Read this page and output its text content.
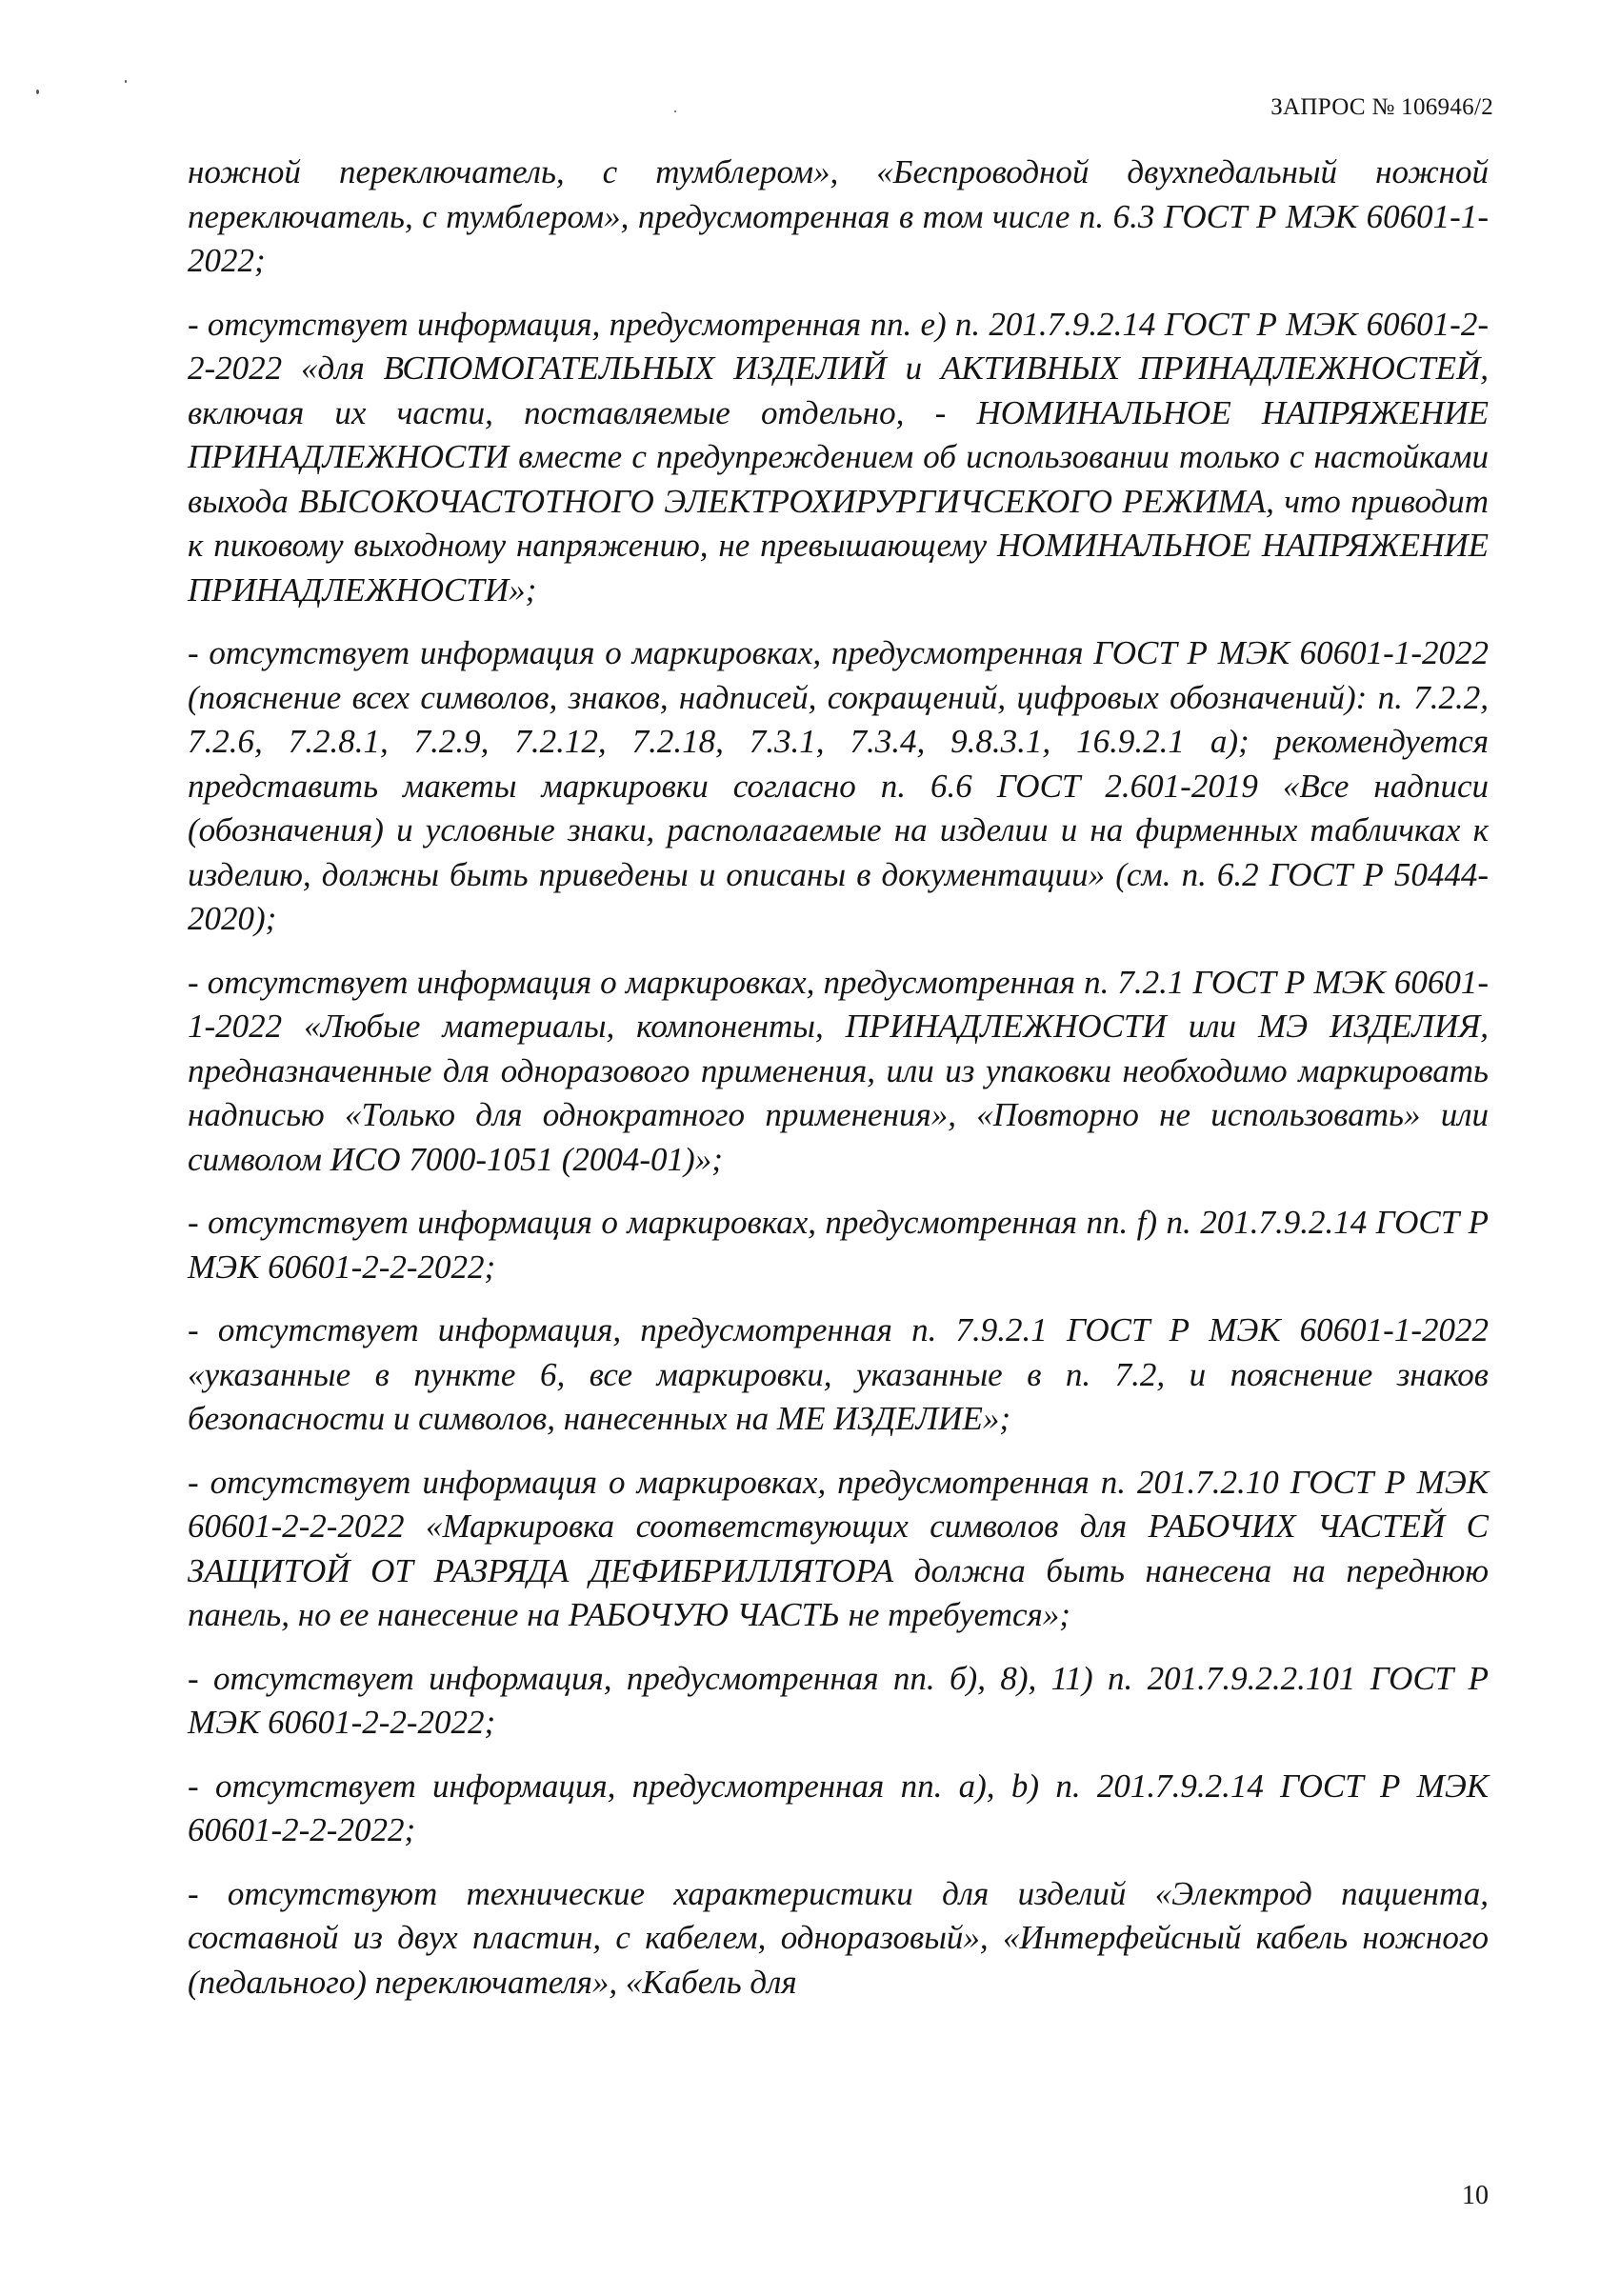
ЗАПРОС № 106946/2

ножной переключатель, с тумблером», «Беспроводной двухпедальный ножной переключатель, с тумблером», предусмотренная в том числе п. 6.3 ГОСТ Р МЭК 60601-1-2022;

- отсутствует информация, предусмотренная пп. е) п. 201.7.9.2.14 ГОСТ Р МЭК 60601-2-2-2022 «для ВСПОМОГАТЕЛЬНЫХ ИЗДЕЛИЙ и АКТИВНЫХ ПРИНАДЛЕЖНОСТЕЙ, включая их части, поставляемые отдельно, - НОМИНАЛЬНОЕ НАПРЯЖЕНИЕ ПРИНАДЛЕЖНОСТИ вместе с предупреждением об использовании только с настойками выхода ВЫСОКОЧАСТОТНОГО ЭЛЕКТРОХИРУРГИЧСЕКОГО РЕЖИМА, что приводит к пиковому выходному напряжению, не превышающему НОМИНАЛЬНОЕ НАПРЯЖЕНИЕ ПРИНАДЛЕЖНОСТИ»;

- отсутствует информация о маркировках, предусмотренная ГОСТ Р МЭК 60601-1-2022 (пояснение всех символов, знаков, надписей, сокращений, цифровых обозначений): п. 7.2.2, 7.2.6, 7.2.8.1, 7.2.9, 7.2.12, 7.2.18, 7.3.1, 7.3.4, 9.8.3.1, 16.9.2.1 а); рекомендуется представить макеты маркировки согласно п. 6.6 ГОСТ 2.601-2019 «Все надписи (обозначения) и условные знаки, располагаемые на изделии и на фирменных табличках к изделию, должны быть приведены и описаны в документации» (см. п. 6.2 ГОСТ Р 50444-2020);

- отсутствует информация о маркировках, предусмотренная п. 7.2.1 ГОСТ Р МЭК 60601-1-2022 «Любые материалы, компоненты, ПРИНАДЛЕЖНОСТИ или МЭ ИЗДЕЛИЯ, предназначенные для одноразового применения, или из упаковки необходимо маркировать надписью «Только для однократного применения», «Повторно не использовать» или символом ИСО 7000-1051 (2004-01)»;

- отсутствует информация о маркировках, предусмотренная пп. f) п. 201.7.9.2.14 ГОСТ Р МЭК 60601-2-2-2022;

- отсутствует информация, предусмотренная п. 7.9.2.1 ГОСТ Р МЭК 60601-1-2022 «указанные в пункте 6, все маркировки, указанные в п. 7.2, и пояснение знаков безопасности и символов, нанесенных на МЕ ИЗДЕЛИЕ»;

- отсутствует информация о маркировках, предусмотренная п. 201.7.2.10 ГОСТ Р МЭК 60601-2-2-2022 «Маркировка соответствующих символов для РАБОЧИХ ЧАСТЕЙ С ЗАЩИТОЙ ОТ РАЗРЯДА ДЕФИБРИЛЛЯТОРА должна быть нанесена на переднюю панель, но ее нанесение на РАБОЧУЮ ЧАСТЬ не требуется»;

- отсутствует информация, предусмотренная пп. б), 8), 11) п. 201.7.9.2.2.101 ГОСТ Р МЭК 60601-2-2-2022;

- отсутствует информация, предусмотренная пп. а), b) п. 201.7.9.2.14 ГОСТ Р МЭК 60601-2-2-2022;

- отсутствуют технические характеристики для изделий «Электрод пациента, составной из двух пластин, с кабелем, одноразовый», «Интерфейсный кабель ножного (педального) переключателя», «Кабель для

10
